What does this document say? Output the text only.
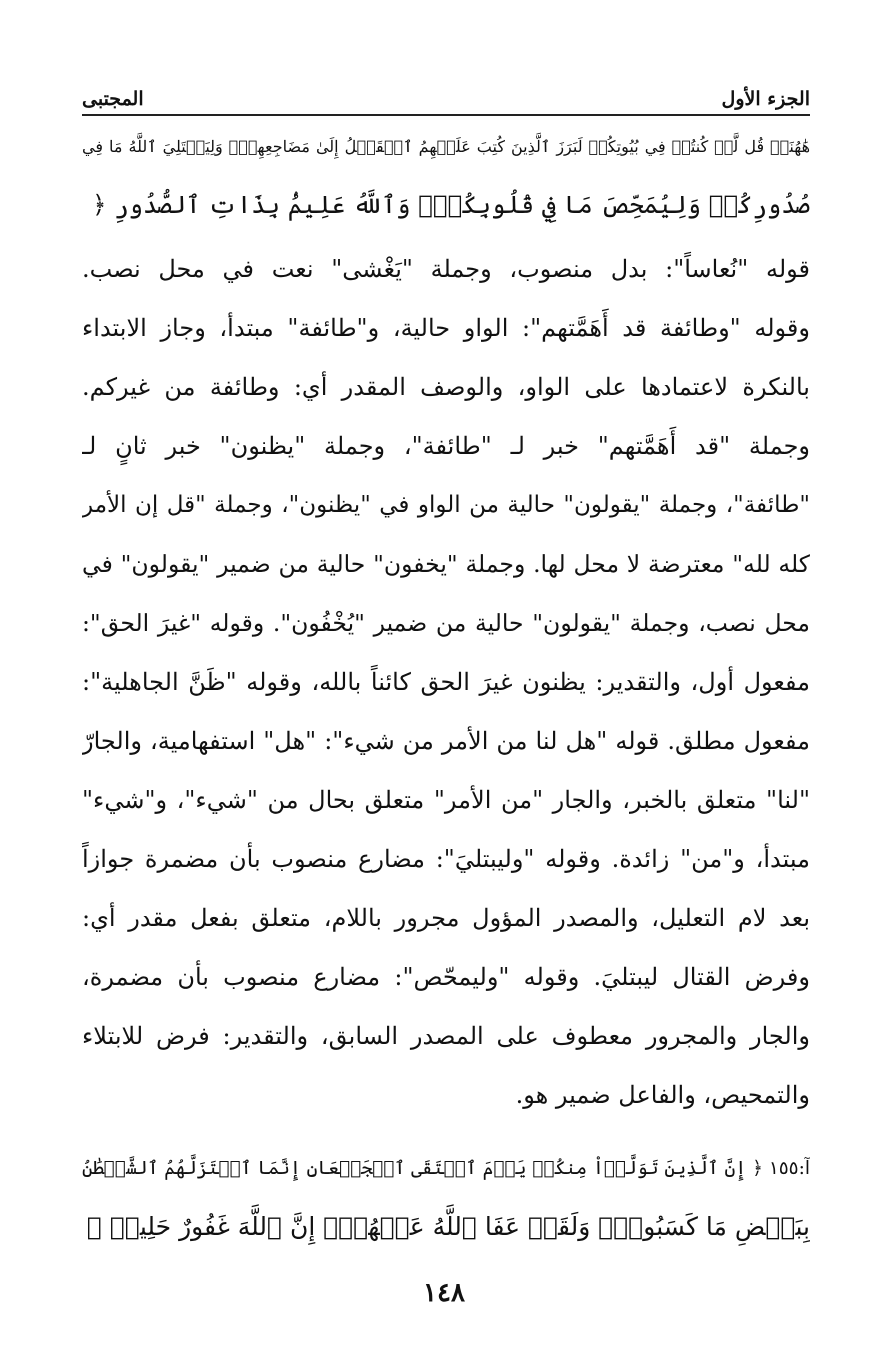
الجزء الأول
المجتبى
هَٰهُنَاۗ قُل لَّوۡ كُنتُمۡ فِي بُيُوتِكُمۡ لَبَرَزَ ٱلَّذِينَ كُتِبَ عَلَيۡهِمُ ٱلۡقَتۡلُ إِلَىٰ مَضَاجِعِهِمۡۖ وَلِيَبۡتَلِيَ ٱللَّهُ مَا فِي
صُدُورِكُمۡ وَلِيُمَحِّصَ مَا فِي قُلُوبِكُمۡۚ وَٱللَّهُ عَلِيمُۢ بِذَاتِ ٱلصُّدُورِ ﴿
قوله "نُعاساً": بدل منصوب، وجملة "يَغْشى" نعت في محل نصب.
وقوله "وطائفة قد أَهَمَّتهم": الواو حالية، و"طائفة" مبتدأ، وجاز الابتداء
بالنكرة لاعتمادها على الواو، والوصف المقدر أي: وطائفة من غيركم.
وجملة "قد أَهَمَّتهم" خبر لـ "طائفة"، وجملة "يظنون" خبر ثانٍ لـ
"طائفة"، وجملة "يقولون" حالية من الواو في "يظنون"، وجملة "قل إن الأمر
كله لله" معترضة لا محل لها. وجملة "يخفون" حالية من ضمير "يقولون" في
محل نصب، وجملة "يقولون" حالية من ضمير "يُخْفُون". وقوله "غيرَ الحق":
مفعول أول، والتقدير: يظنون غيرَ الحق كائناً بالله، وقوله "ظَنَّ الجاهلية":
مفعول مطلق. قوله "هل لنا من الأمر من شيء": "هل" استفهامية، والجارّ
"لنا" متعلق بالخبر، والجار "من الأمر" متعلق بحال من "شيء"، و"شيء"
مبتدأ، و"من" زائدة. وقوله "وليبتليَ": مضارع منصوب بأن مضمرة جوازاً
بعد لام التعليل، والمصدر المؤول مجرور باللام، متعلق بفعل مقدر أي:
وفرض القتال ليبتليَ. وقوله "وليمحّص": مضارع منصوب بأن مضمرة،
والجار والمجرور معطوف على المصدر السابق، والتقدير: فرض للابتلاء
والتمحيص، والفاعل ضمير هو.
آ:١٥٥ ﴿ إِنَّ ٱلَّذِينَ تَوَلَّوۡاْ مِنكُمۡ يَوۡمَ ٱلۡتَقَى ٱلۡجَمۡعَانِ إِنَّمَا ٱسۡتَزَلَّهُمُ ٱلشَّيۡطَٰنُ
بِبَعۡضِ مَا كَسَبُواْۖ وَلَقَدۡ عَفَا ٱللَّهُ عَنۡهُمۡۗ إِنَّ ٱللَّهَ غَفُورٌ حَلِيمٞ ﴿
١٤٨
